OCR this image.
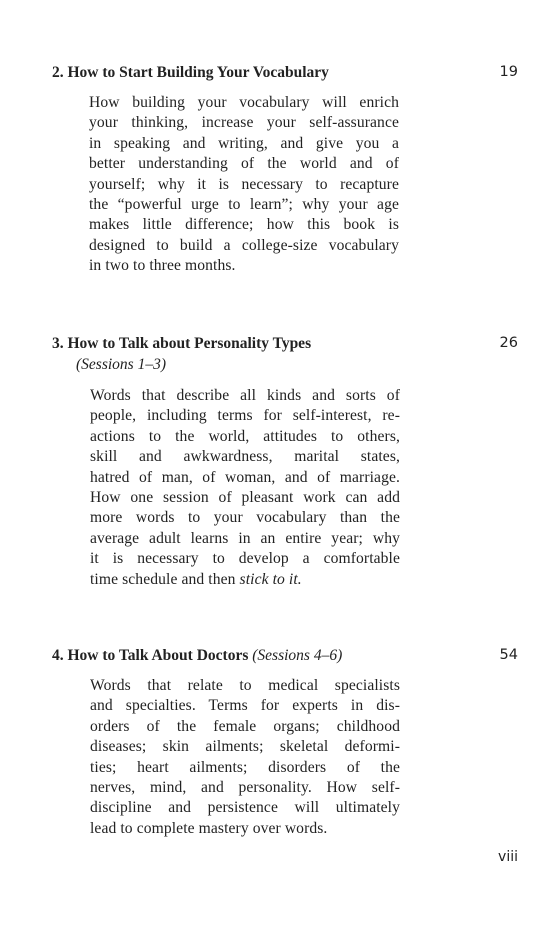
2. How to Start Building Your Vocabulary	19
How building your vocabulary will enrich
your thinking, increase your self-assurance
in speaking and writing, and give you a
better understanding of the world and of
yourself; why it is necessary to recapture
the “powerful urge to learn”; why your age
makes little difference; how this book is
designed to build a college-size vocabulary
in two to three months.
3. How to Talk about Personality Types	26
(Sessions 1–3)
Words that describe all kinds and sorts of
people, including terms for self-interest, re-
actions to the world, attitudes to others,
skill and awkwardness, marital states,
hatred of man, of woman, and of marriage.
How one session of pleasant work can add
more words to your vocabulary than the
average adult learns in an entire year; why
it is necessary to develop a comfortable
time schedule and then stick to it.
4. How to Talk About Doctors (Sessions 4–6)	54
Words that relate to medical specialists
and specialties. Terms for experts in dis-
orders of the female organs; childhood
diseases; skin ailments; skeletal deformi-
ties; heart ailments; disorders of the
nerves, mind, and personality. How self-
discipline and persistence will ultimately
lead to complete mastery over words.
viii
